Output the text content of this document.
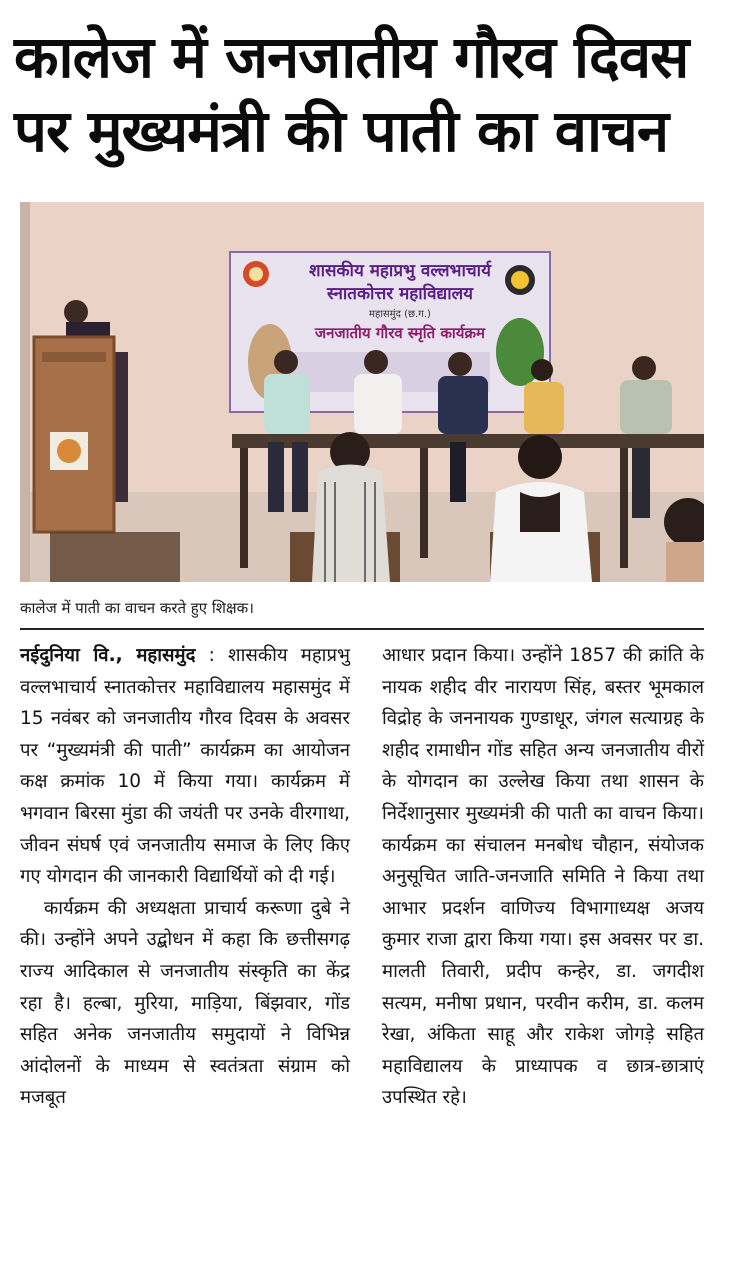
कालेज में जनजातीय गौरव दिवस
पर मुख्यमंत्री की पाती का वाचन
शासकीय महाप्रभु वल्लभाचार्य
स्नातकोत्तर महाविद्यालय
महासमुंद (छ.ग.)
जनजातीय गौरव स्मृति कार्यक्रम
कालेज में पाती का वाचन करते हुए शिक्षक।

नईदुनिया वि., महासमुंद : शासकीय महाप्रभु वल्लभाचार्य स्नातकोत्तर महाविद्यालय महासमुंद में 15 नवंबर को जनजातीय गौरव दिवस के अवसर पर “मुख्यमंत्री की पाती” कार्यक्रम का आयोजन कक्ष क्रमांक 10 में किया गया। कार्यक्रम में भगवान बिरसा मुंडा की जयंती पर उनके वीरगाथा, जीवन संघर्ष एवं जनजातीय समाज के लिए किए गए योगदान की जानकारी विद्यार्थियों को दी गई।

कार्यक्रम की अध्यक्षता प्राचार्य करूणा दुबे ने की। उन्होंने अपने उद्बोधन में कहा कि छत्तीसगढ़ राज्य आदिकाल से जनजातीय संस्कृति का केंद्र रहा है। हल्बा, मुरिया, माड़िया, बिंझवार, गोंड सहित अनेक जनजातीय समुदायों ने विभिन्न आंदोलनों के माध्यम से स्वतंत्रता संग्राम को मजबूत

आधार प्रदान किया। उन्होंने 1857 की क्रांति के नायक शहीद वीर नारायण सिंह, बस्तर भूमकाल विद्रोह के जननायक गुण्डाधूर, जंगल सत्याग्रह के शहीद रामाधीन गोंड सहित अन्य जनजातीय वीरों के योगदान का उल्लेख किया तथा शासन के निर्देशानुसार मुख्यमंत्री की पाती का वाचन किया। कार्यक्रम का संचालन मनबोध चौहान, संयोजक अनुसूचित जाति-जनजाति समिति ने किया तथा आभार प्रदर्शन वाणिज्य विभागाध्यक्ष अजय कुमार राजा द्वारा किया गया। इस अवसर पर डा. मालती तिवारी, प्रदीप कन्हेर, डा. जगदीश सत्यम, मनीषा प्रधान, परवीन करीम, डा. कलम रेखा, अंकिता साहू और राकेश जोगड़े सहित महाविद्यालय के प्राध्यापक व छात्र-छात्राएं उपस्थित रहे।
